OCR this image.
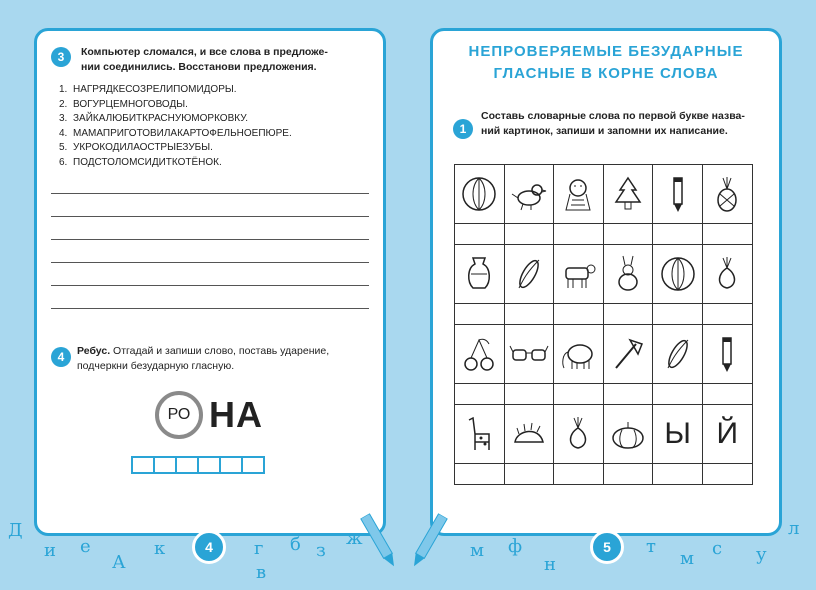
3	Компьютер сломался, и все слова в предложе-
нии соединились. Восстанови предложения.
1. НАГРЯДКЕСОЗРЕЛИПОМИДОРЫ.
2. ВОГУРЦЕМНОГОВОДЫ.
3. ЗАЙКАЛЮБИТКРАСНУЮМОРКОВКУ.
4. МАМАПРИГОТОВИЛАКАРТОФЕЛЬНОЕПЮРЕ.
5. УКРОКОДИЛАОСТРЫЕЗУБЫ.
6. ПОДСТОЛОМСИДИТКОТЁНОК.
4	Ребус. Отгадай и запиши слово, поставь ударение,
подчеркни безударную гласную.
РО НА
НЕПРОВЕРЯЕМЫЕ БЕЗУДАРНЫЕ
ГЛАСНЫЕ В КОРНЕ СЛОВА
1
Составь словарные слова по первой букве назва-
ний картинок, запиши и запомни их написание.
Ы Й
4	5
Д
и е
А
к	г б з
ж
в
м ф
н
т
м с у
л
